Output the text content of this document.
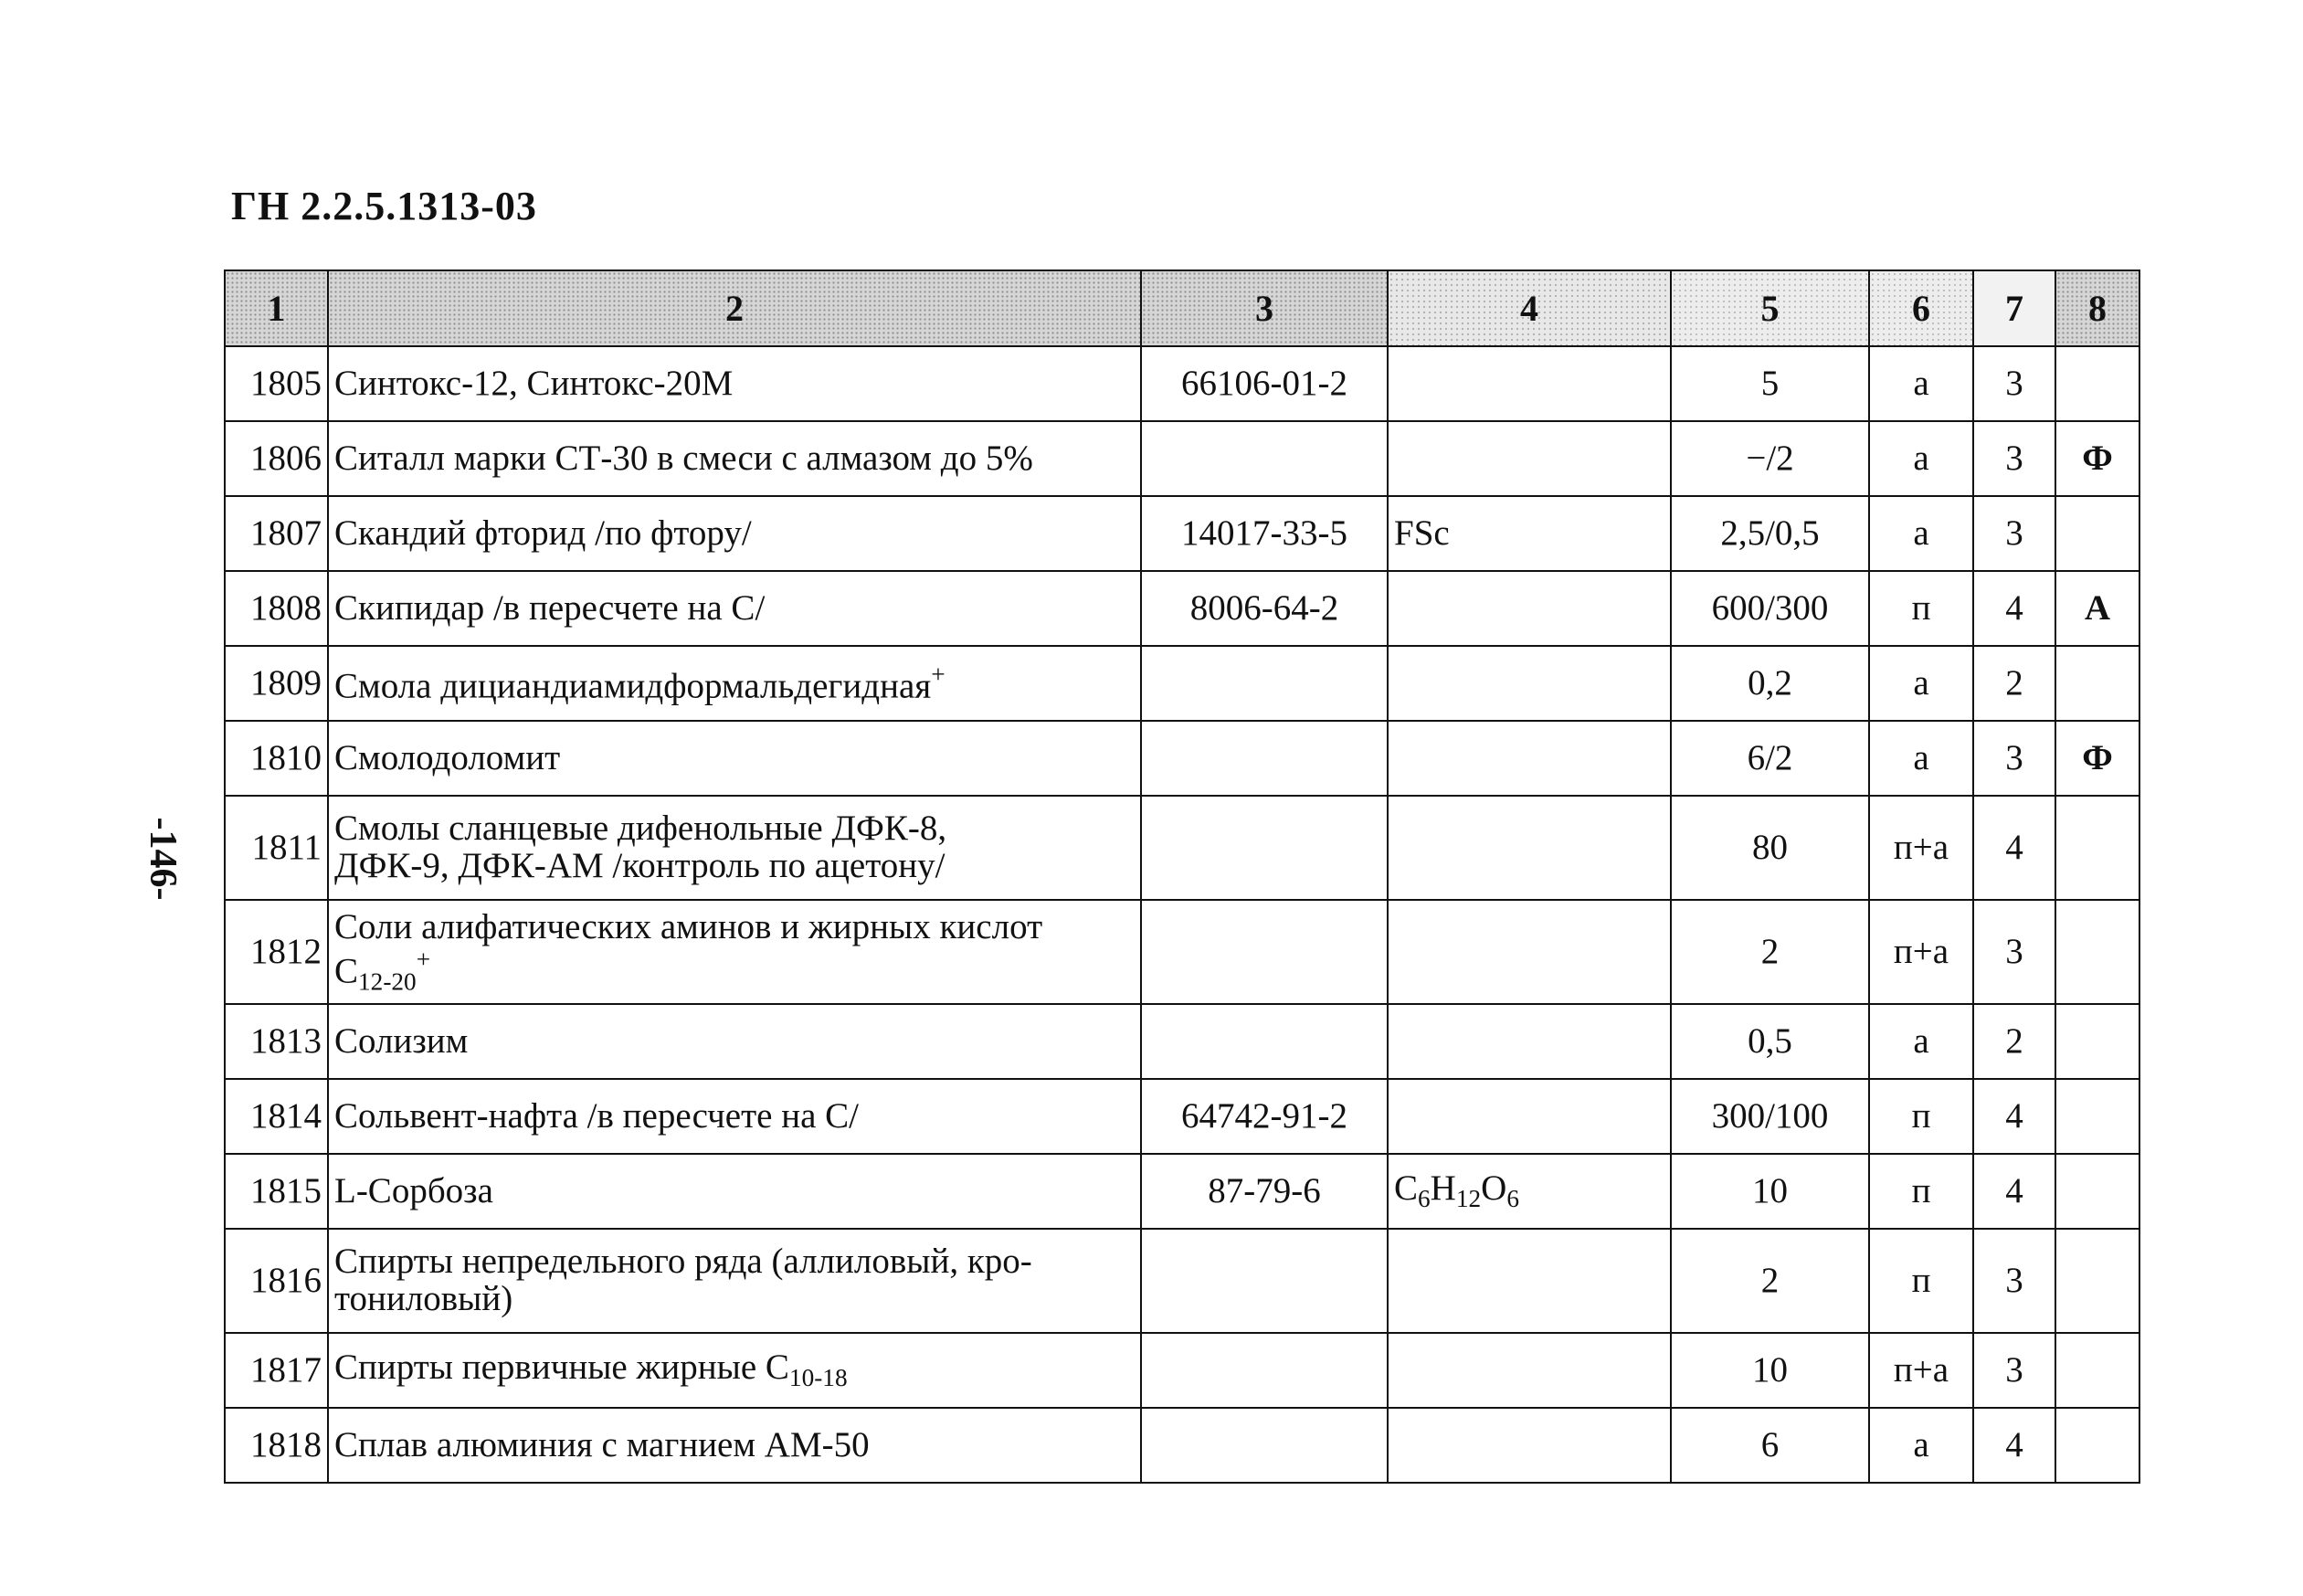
ГН 2.2.5.1313-03
-146-
1	2	3	4	5	6	7	8
1805	Синтокс-12, Синтокс-20М	66106-01-2		5	а	3	
1806	Ситалл марки СТ-30 в смеси с алмазом до 5%			−/2	а	3	Ф
1807	Скандий фторид /по фтору/	14017-33-5	FSc	2,5/0,5	а	3	
1808	Скипидар /в пересчете на С/	8006-64-2		600/300	п	4	А
1809	Смола дициандиамидформальдегидная+			0,2	а	2	
1810	Смолодоломит			6/2	а	3	Ф
1811	Смолы сланцевые дифенольные ДФК-8,
ДФК-9, ДФК-АМ /контроль по ацетону/			80	п+а	4	
1812	Соли алифатических аминов и жирных кислот
$С_{12-20}^+$			2	п+а	3	
1813	Солизим			0,5	а	2	
1814	Сольвент-нафта /в пересчете на С/	64742-91-2		300/100	п	4	
1815	L-Сорбоза	87-79-6	$C_6H_{12}O_6$	10	п	4	
1816	Спирты непредельного ряда (аллиловый, кро-
тониловый)			2	п	3	
1817	Спирты первичные жирные $С_{10-18}$			10	п+а	3	
1818	Сплав алюминия с магнием АМ-50			6	а	4	
